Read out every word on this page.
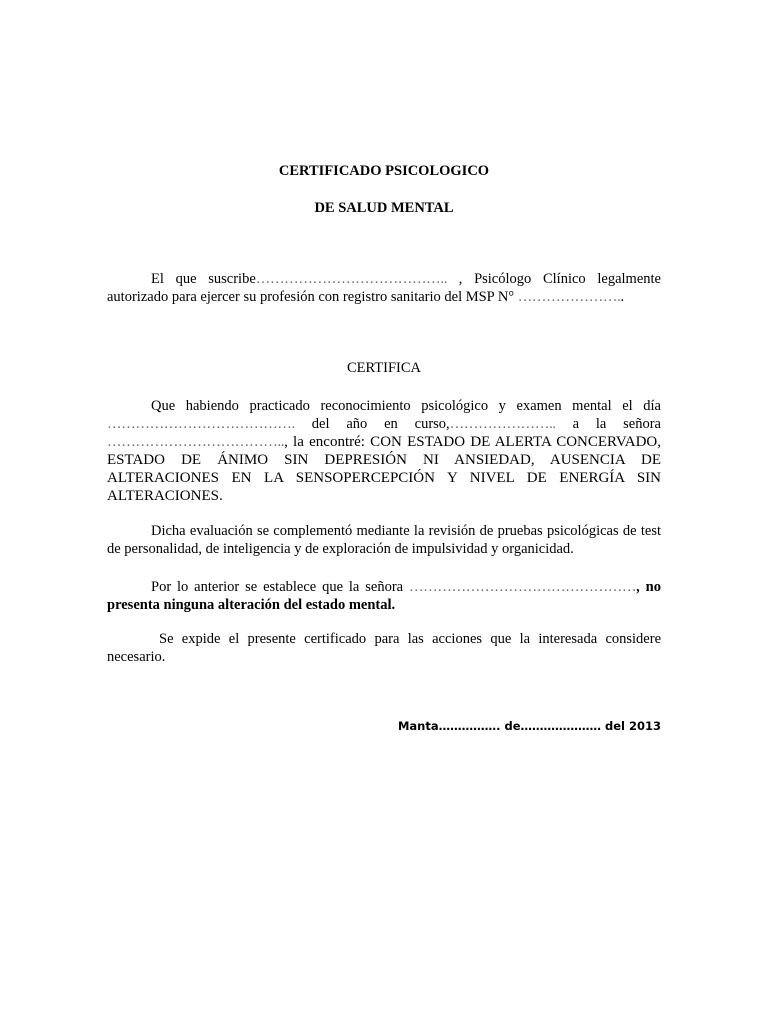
CERTIFICADO PSICOLOGICO
DE SALUD MENTAL
El que suscribe………………………………….. , Psicólogo Clínico legalmente autorizado para ejercer su profesión con registro sanitario del MSP N° …………………..
CERTIFICA
Que habiendo practicado reconocimiento psicológico y examen mental el día …………………………………. del año en curso,………………….. a la señora ……………………………….., la encontré: CON ESTADO DE ALERTA CONCERVADO, ESTADO DE ÁNIMO SIN DEPRESIÓN NI ANSIEDAD, AUSENCIA DE ALTERACIONES EN LA SENSOPERCEPCIÓN Y NIVEL DE ENERGÍA SIN ALTERACIONES.
Dicha evaluación se complementó mediante la revisión de pruebas psicológicas de test de personalidad, de inteligencia y de exploración de impulsividad y organicidad.
Por lo anterior se establece que la señora …………………………………………, no presenta ninguna alteración del estado mental.
Se expide el presente certificado para las acciones que la interesada considere necesario.
Manta……………. de………………… del 2013
